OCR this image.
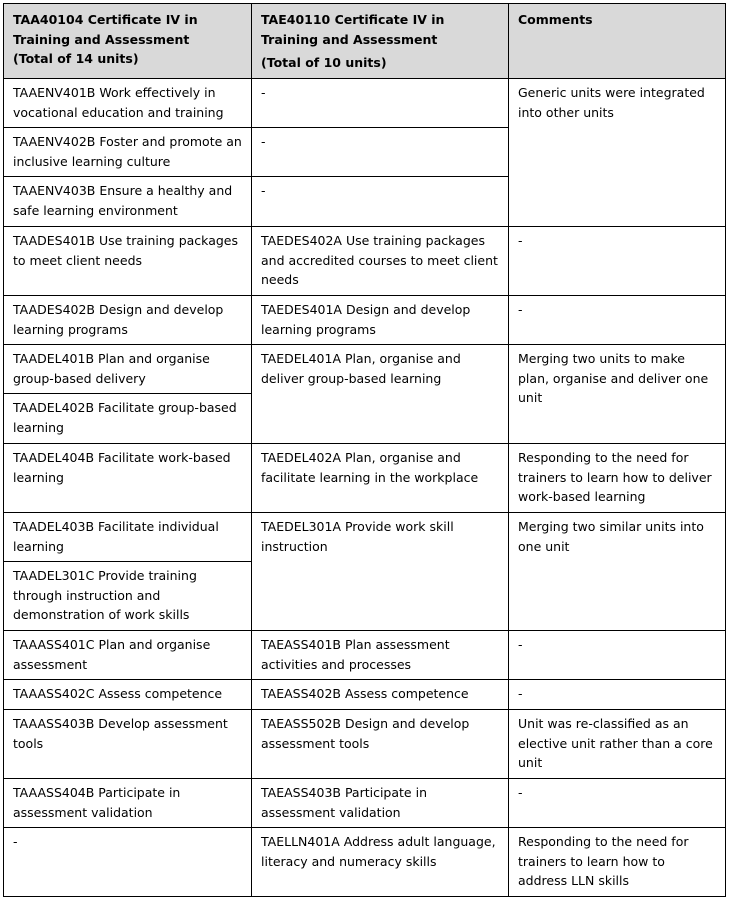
TAA40104 Certificate IV in
Training and Assessment
(Total of 14 units)	TAE40110 Certificate IV in
Training and Assessment
(Total of 10 units)	Comments
TAAENV401B Work effectively in vocational education and training	-	Generic units were integrated into other units
TAAENV402B Foster and promote an inclusive learning culture	-	
TAAENV403B Ensure a healthy and safe learning environment	-	
TAADES401B Use training packages to meet client needs	TAEDES402A Use training packages and accredited courses to meet client needs	-
TAADES402B Design and develop learning programs	TAEDES401A Design and develop learning programs	-
TAADEL401B Plan and organise group-based delivery	TAEDEL401A Plan, organise and deliver group-based learning	Merging two units to make plan, organise and deliver one unit
TAADEL402B Facilitate group-based learning		
TAADEL404B Facilitate work-based learning	TAEDEL402A Plan, organise and facilitate learning in the workplace	Responding to the need for trainers to learn how to deliver work-based learning
TAADEL403B Facilitate individual learning	TAEDEL301A Provide work skill instruction	Merging two similar units into one unit
TAADEL301C Provide training through instruction and demonstration of work skills		
TAAASS401C Plan and organise assessment	TAEASS401B Plan assessment activities and processes	-
TAAASS402C Assess competence	TAEASS402B Assess competence	-
TAAASS403B Develop assessment tools	TAEASS502B Design and develop assessment tools	Unit was re-classified as an elective unit rather than a core unit
TAAASS404B Participate in assessment validation	TAEASS403B Participate in assessment validation	-
-	TAELLN401A Address adult language, literacy and numeracy skills	Responding to the need for trainers to learn how to address LLN skills
